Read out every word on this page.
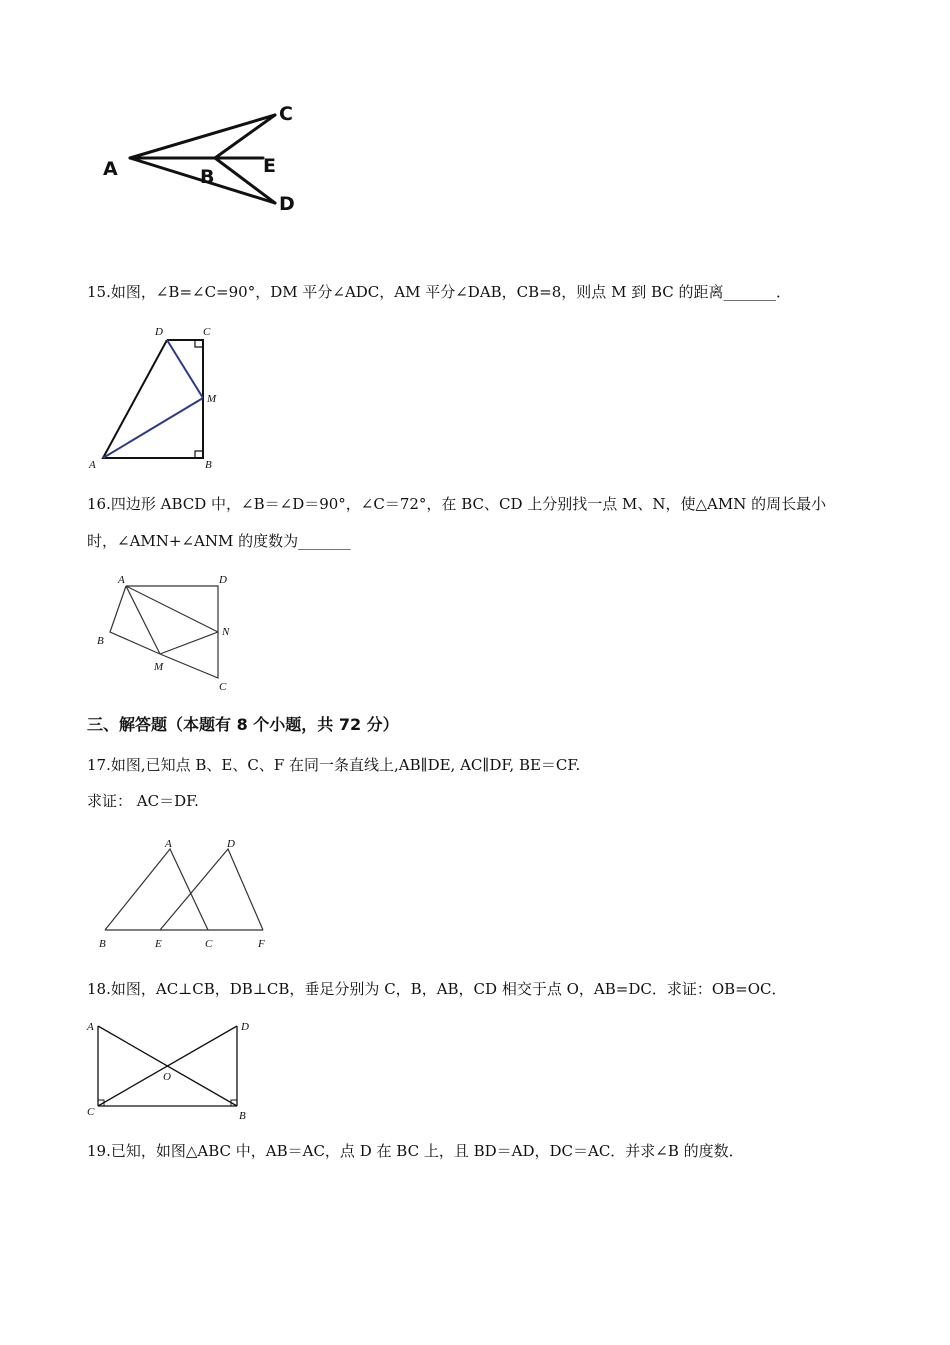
A	B
C
E
D
15.如图，∠B=∠C=90°，DM 平分∠ADC，AM 平分∠DAB，CB=8，则点 M 到 BC 的距离_______．
D	C
M
A	B
16.四边形 ABCD 中，∠B＝∠D＝90°，∠C＝72°，在 BC、CD 上分别找一点 M、N，使△AMN 的周长最小
时，∠AMN+∠ANM 的度数为_______
A	D
B
N
M
C
三、解答题（本题有 8 个小题，共 72 分）
17.如图,已知点 B、E、C、F 在同一条直线上,AB∥DE, AC∥DF, BE＝CF.
求证： AC＝DF.
A	D
B	E	C	F
18.如图，AC⊥CB，DB⊥CB，垂足分别为 C，B，AB，CD 相交于点 O，AB=DC．求证：OB=OC．
A	D
O
C	B
19.已知，如图△ABC 中，AB＝AC，点 D 在 BC 上，且 BD＝AD，DC＝AC．并求∠B 的度数．
